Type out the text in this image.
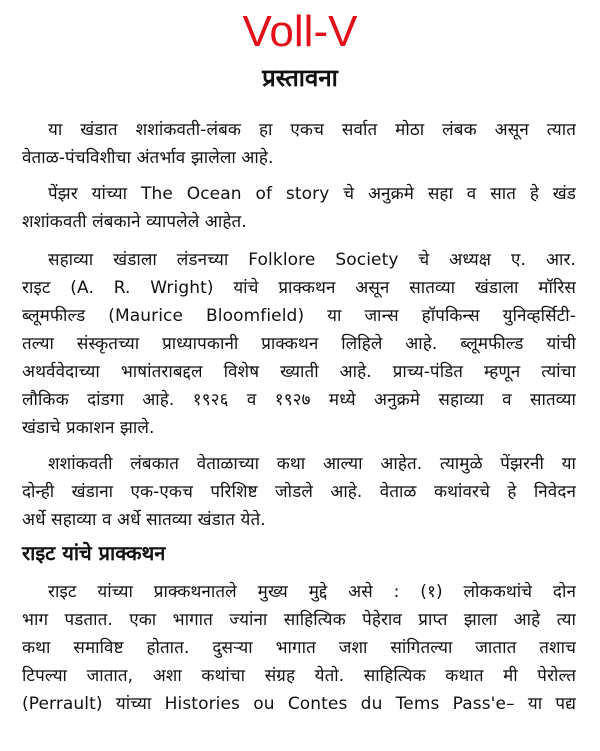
Voll-V
प्रस्तावना
या खंडात शशांकवती-लंबक हा एकच सर्वात मोठा लंबक असून त्यात
वेताळ-पंचविशीचा अंतर्भाव झालेला आहे.
पेंझर यांच्या The Ocean of story चे अनुक्रमे सहा व सात हे खंड
शशांकवती लंबकाने व्यापलेले आहेत.
सहाव्या खंडाला लंडनच्या Folklore Society चे अध्यक्ष ए. आर.
राइट (A. R. Wright) यांचे प्राक्कथन असून सातव्या खंडाला मॉरिस
ब्लूमफील्ड (Maurice Bloomfield) या जान्स हॉपकिन्स युनिव्हर्सिटी-
तल्या संस्कृतच्या प्राध्यापकानी प्राक्कथन लिहिले आहे. ब्लूमफील्ड यांची
अथर्ववेदाच्या भाषांतराबद्दल विशेष ख्याती आहे. प्राच्य-पंडित म्हणून त्यांचा
लौकिक दांडगा आहे. १९२६ व १९२७ मध्ये अनुक्रमे सहाव्या व सातव्या
खंडाचे प्रकाशन झाले.
शशांकवती लंबकात वेताळाच्या कथा आल्या आहेत. त्यामुळे पेंझरनी या
दोन्ही खंडाना एक-एकच परिशिष्ट जोडले आहे. वेताळ कथांवरचे हे निवेदन
अर्धे सहाव्या व अर्धे सातव्या खंडात येते.
राइट यांचे प्राक्कथन
राइट यांच्या प्राक्कथनातले मुख्य मुद्दे असे : (१) लोककथांचे दोन
भाग पडतात. एका भागात ज्यांना साहित्यिक पेहेराव प्राप्त झाला आहे त्या
कथा समाविष्ट होतात. दुसऱ्या भागात जशा सांगितल्या जातात तशाच
टिपल्या जातात, अशा कथांचा संग्रह येतो. साहित्यिक कथात मी पेरोल्त
(Perrault) यांच्या Histories ou Contes du Tems Pass'e– या पद्य
